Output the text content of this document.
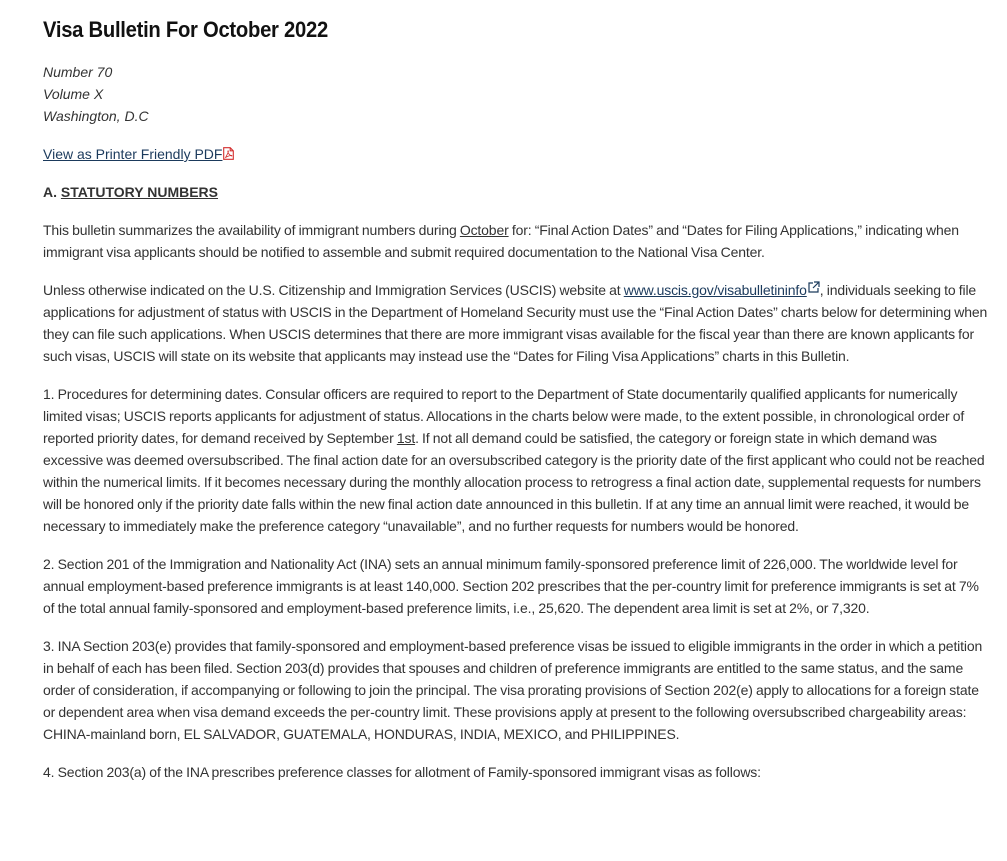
Visa Bulletin For October 2022
Number 70
Volume X
Washington, D.C
View as Printer Friendly PDF
A. STATUTORY NUMBERS

This bulletin summarizes the availability of immigrant numbers during October for: “Final Action Dates” and “Dates for Filing Applications,” indicating when immigrant visa applicants should be notified to assemble and submit required documentation to the National Visa Center.

Unless otherwise indicated on the U.S. Citizenship and Immigration Services (USCIS) website at www.uscis.gov/visabulletininfo , individuals seeking to file applications for adjustment of status with USCIS in the Department of Homeland Security must use the “Final Action Dates” charts below for determining when they can file such applications. When USCIS determines that there are more immigrant visas available for the fiscal year than there are known applicants for such visas, USCIS will state on its website that applicants may instead use the “Dates for Filing Visa Applications” charts in this Bulletin.

1. Procedures for determining dates. Consular officers are required to report to the Department of State documentarily qualified applicants for numerically limited visas; USCIS reports applicants for adjustment of status. Allocations in the charts below were made, to the extent possible, in chronological order of reported priority dates, for demand received by September 1st. If not all demand could be satisfied, the category or foreign state in which demand was excessive was deemed oversubscribed. The final action date for an oversubscribed category is the priority date of the first applicant who could not be reached within the numerical limits. If it becomes necessary during the monthly allocation process to retrogress a final action date, supplemental requests for numbers will be honored only if the priority date falls within the new final action date announced in this bulletin. If at any time an annual limit were reached, it would be necessary to immediately make the preference category “unavailable”, and no further requests for numbers would be honored.

2. Section 201 of the Immigration and Nationality Act (INA) sets an annual minimum family-sponsored preference limit of 226,000. The worldwide level for annual employment-based preference immigrants is at least 140,000. Section 202 prescribes that the per-country limit for preference immigrants is set at 7% of the total annual family-sponsored and employment-based preference limits, i.e., 25,620. The dependent area limit is set at 2%, or 7,320.

3. INA Section 203(e) provides that family-sponsored and employment-based preference visas be issued to eligible immigrants in the order in which a petition in behalf of each has been filed. Section 203(d) provides that spouses and children of preference immigrants are entitled to the same status, and the same order of consideration, if accompanying or following to join the principal. The visa prorating provisions of Section 202(e) apply to allocations for a foreign state or dependent area when visa demand exceeds the per-country limit. These provisions apply at present to the following oversubscribed chargeability areas: CHINA-mainland born, EL SALVADOR, GUATEMALA, HONDURAS, INDIA, MEXICO, and PHILIPPINES.

4. Section 203(a) of the INA prescribes preference classes for allotment of Family-sponsored immigrant visas as follows:
